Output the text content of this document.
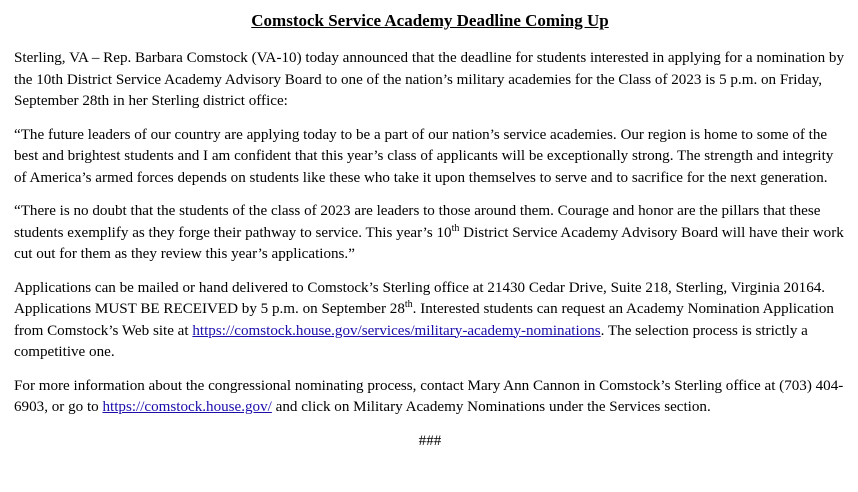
Comstock Service Academy Deadline Coming Up

Sterling, VA – Rep. Barbara Comstock (VA-10) today announced that the deadline for students interested in applying for a nomination by the 10th District Service Academy Advisory Board to one of the nation’s military academies for the Class of 2023 is 5 p.m. on Friday, September 28th in her Sterling district office:

“The future leaders of our country are applying today to be a part of our nation’s service academies. Our region is home to some of the best and brightest students and I am confident that this year’s class of applicants will be exceptionally strong. The strength and integrity of America’s armed forces depends on students like these who take it upon themselves to serve and to sacrifice for the next generation.

“There is no doubt that the students of the class of 2023 are leaders to those around them. Courage and honor are the pillars that these students exemplify as they forge their pathway to service. This year’s 10th District Service Academy Advisory Board will have their work cut out for them as they review this year’s applications.”

Applications can be mailed or hand delivered to Comstock’s Sterling office at 21430 Cedar Drive, Suite 218, Sterling, Virginia 20164. Applications MUST BE RECEIVED by 5 p.m. on September 28th. Interested students can request an Academy Nomination Application from Comstock’s Web site at https://comstock.house.gov/services/military-academy-nominations. The selection process is strictly a competitive one.

For more information about the congressional nominating process, contact Mary Ann Cannon in Comstock’s Sterling office at (703) 404-6903, or go to https://comstock.house.gov/ and click on Military Academy Nominations under the Services section.

###
